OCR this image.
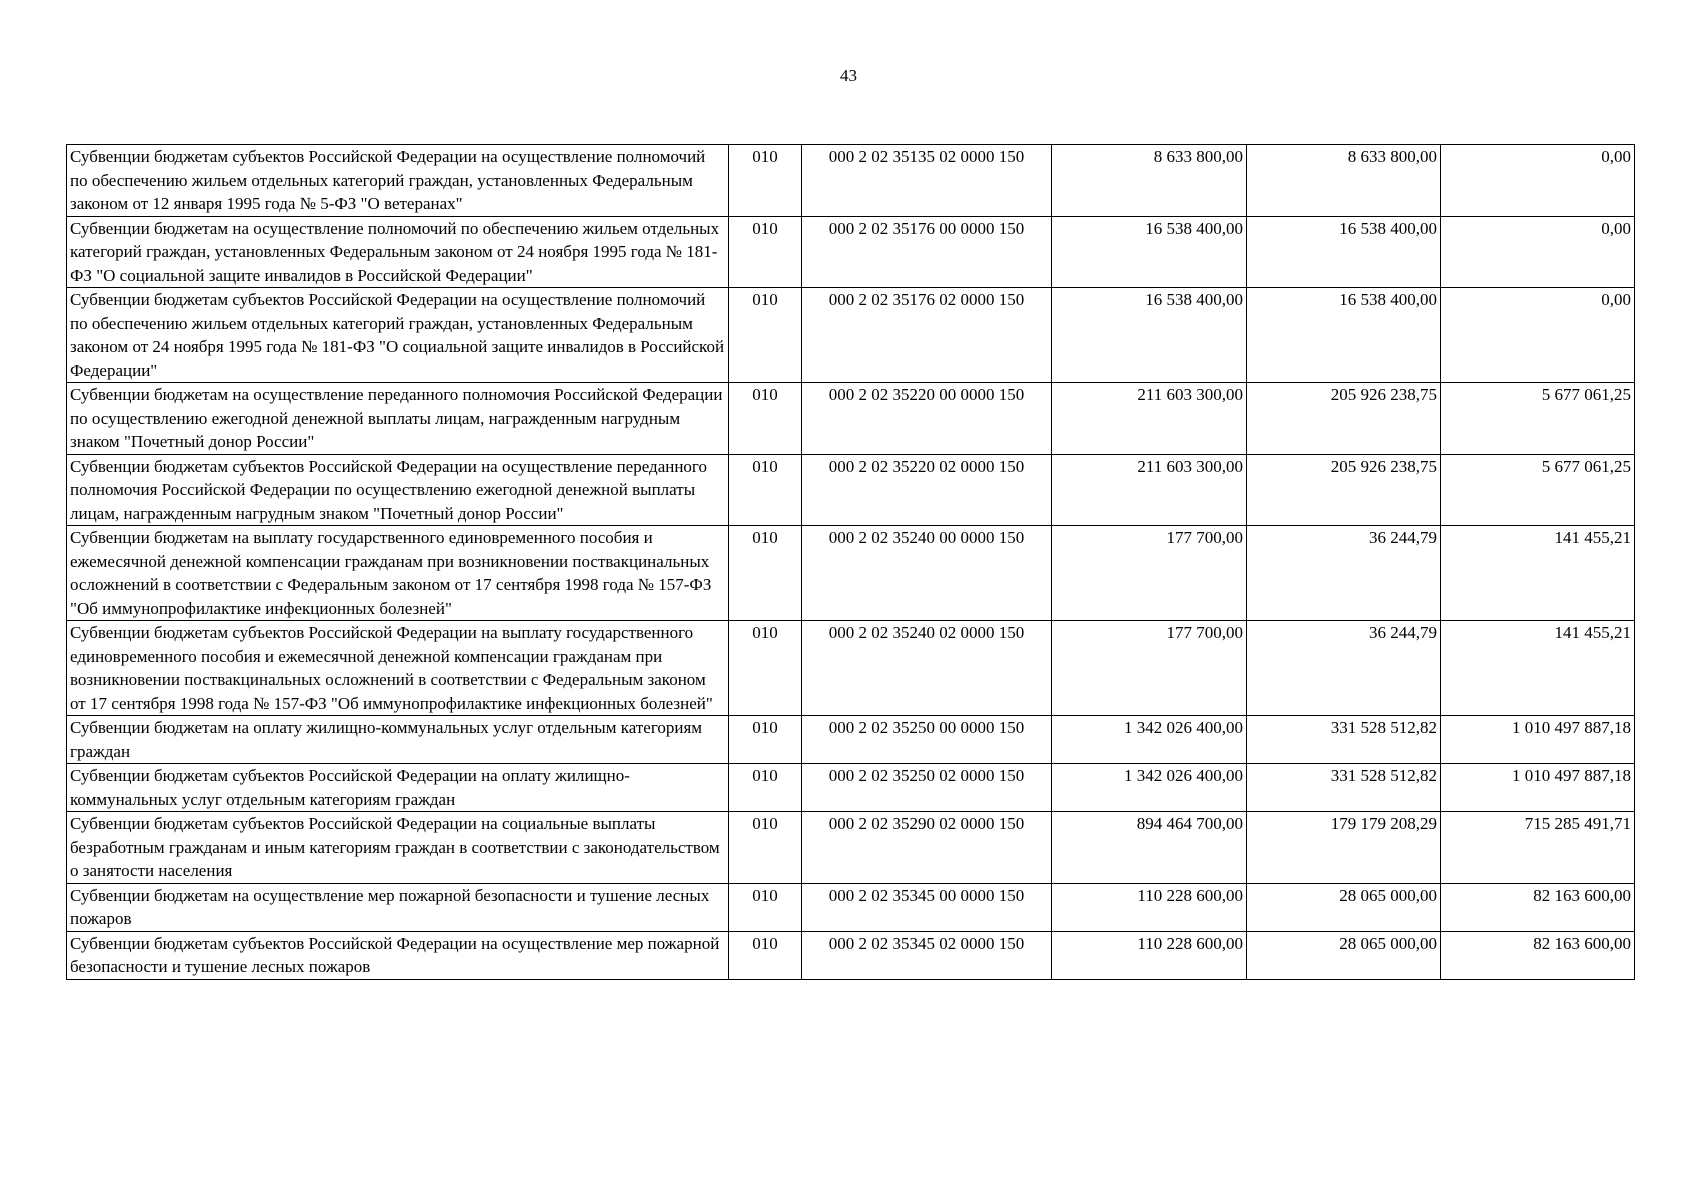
43
Субвенции бюджетам субъектов Российской Федерации на осуществление полномочий по обеспечению жильем отдельных категорий граждан, установленных Федеральным законом от 12 января 1995 года № 5-ФЗ "О ветеранах"	010	000 2 02 35135 02 0000 150	8 633 800,00	8 633 800,00	0,00
Субвенции бюджетам на осуществление полномочий по обеспечению жильем отдельных категорий граждан, установленных Федеральным законом от 24 ноября 1995 года № 181-ФЗ "О социальной защите инвалидов в Российской Федерации"	010	000 2 02 35176 00 0000 150	16 538 400,00	16 538 400,00	0,00
Субвенции бюджетам субъектов Российской Федерации на осуществление полномочий по обеспечению жильем отдельных категорий граждан, установленных Федеральным законом от 24 ноября 1995 года № 181-ФЗ "О социальной защите инвалидов в Российской Федерации"	010	000 2 02 35176 02 0000 150	16 538 400,00	16 538 400,00	0,00
Субвенции бюджетам на осуществление переданного полномочия Российской Федерации по осуществлению ежегодной денежной выплаты лицам, награжденным нагрудным знаком "Почетный донор России"	010	000 2 02 35220 00 0000 150	211 603 300,00	205 926 238,75	5 677 061,25
Субвенции бюджетам субъектов Российской Федерации на осуществление переданного полномочия Российской Федерации по осуществлению ежегодной денежной выплаты лицам, награжденным нагрудным знаком "Почетный донор России"	010	000 2 02 35220 02 0000 150	211 603 300,00	205 926 238,75	5 677 061,25
Субвенции бюджетам на выплату государственного единовременного пособия и ежемесячной денежной компенсации гражданам при возникновении поствакцинальных осложнений в соответствии с Федеральным законом от 17 сентября 1998 года № 157-ФЗ "Об иммунопрофилактике инфекционных болезней"	010	000 2 02 35240 00 0000 150	177 700,00	36 244,79	141 455,21
Субвенции бюджетам субъектов Российской Федерации на выплату государственного единовременного пособия и ежемесячной денежной компенсации гражданам при возникновении поствакцинальных осложнений в соответствии с Федеральным законом от 17 сентября 1998 года № 157-ФЗ "Об иммунопрофилактике инфекционных болезней"	010	000 2 02 35240 02 0000 150	177 700,00	36 244,79	141 455,21
Субвенции бюджетам на оплату жилищно-коммунальных услуг отдельным категориям граждан	010	000 2 02 35250 00 0000 150	1 342 026 400,00	331 528 512,82	1 010 497 887,18
Субвенции бюджетам субъектов Российской Федерации на оплату жилищно-коммунальных услуг отдельным категориям граждан	010	000 2 02 35250 02 0000 150	1 342 026 400,00	331 528 512,82	1 010 497 887,18
Субвенции бюджетам субъектов Российской Федерации на социальные выплаты безработным гражданам и иным категориям граждан в соответствии с законодательством о занятости населения	010	000 2 02 35290 02 0000 150	894 464 700,00	179 179 208,29	715 285 491,71
Субвенции бюджетам на осуществление мер пожарной безопасности и тушение лесных пожаров	010	000 2 02 35345 00 0000 150	110 228 600,00	28 065 000,00	82 163 600,00
Субвенции бюджетам субъектов Российской Федерации на осуществление мер пожарной безопасности и тушение лесных пожаров	010	000 2 02 35345 02 0000 150	110 228 600,00	28 065 000,00	82 163 600,00
